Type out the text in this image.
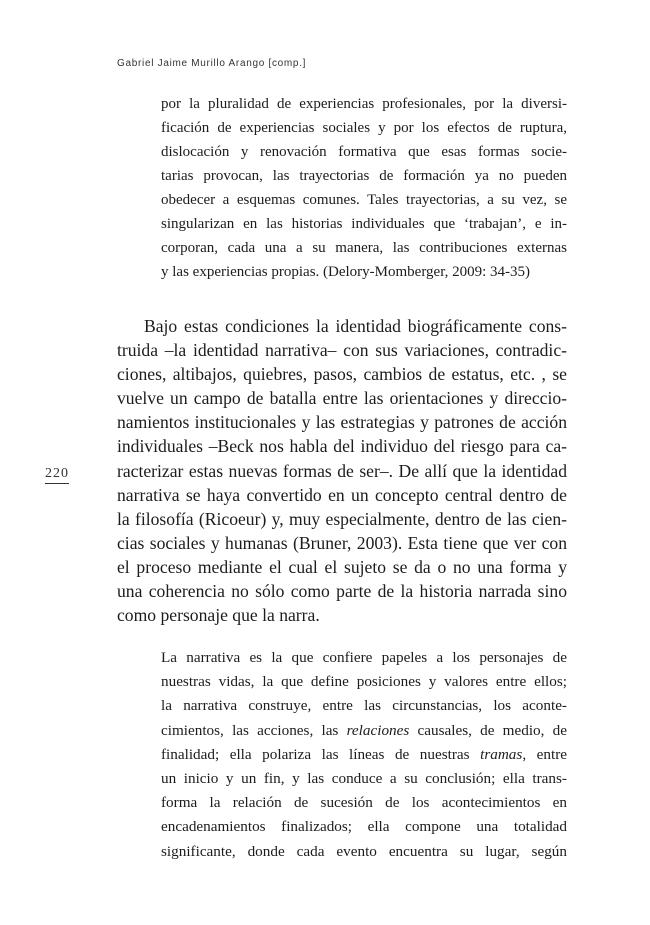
Gabriel Jaime Murillo Arango [comp.]
220
por la pluralidad de experiencias profesionales, por la diversi-
ficación de experiencias sociales y por los efectos de ruptura,
dislocación y renovación formativa que esas formas socie-
tarias provocan, las trayectorias de formación ya no pueden
obedecer a esquemas comunes. Tales trayectorias, a su vez, se
singularizan en las historias individuales que ‘trabajan’, e in-
corporan, cada una a su manera, las contribuciones externas
y las experiencias propias. (Delory-Momberger, 2009: 34-35)
Bajo estas condiciones la identidad biográficamente cons-
truida –la identidad narrativa– con sus variaciones, contradic-
ciones, altibajos, quiebres, pasos, cambios de estatus, etc. , se
vuelve un campo de batalla entre las orientaciones y direccio-
namientos institucionales y las estrategias y patrones de acción
individuales –Beck nos habla del individuo del riesgo para ca-
racterizar estas nuevas formas de ser–. De allí que la identidad
narrativa se haya convertido en un concepto central dentro de
la filosofía (Ricoeur) y, muy especialmente, dentro de las cien-
cias sociales y humanas (Bruner, 2003). Esta tiene que ver con
el proceso mediante el cual el sujeto se da o no una forma y
una coherencia no sólo como parte de la historia narrada sino
como personaje que la narra.
La narrativa es la que confiere papeles a los personajes de
nuestras vidas, la que define posiciones y valores entre ellos;
la narrativa construye, entre las circunstancias, los aconte-
cimientos, las acciones, las relaciones causales, de medio, de
finalidad; ella polariza las líneas de nuestras tramas, entre
un inicio y un fin, y las conduce a su conclusión; ella trans-
forma la relación de sucesión de los acontecimientos en
encadenamientos finalizados; ella compone una totalidad
significante, donde cada evento encuentra su lugar, según
